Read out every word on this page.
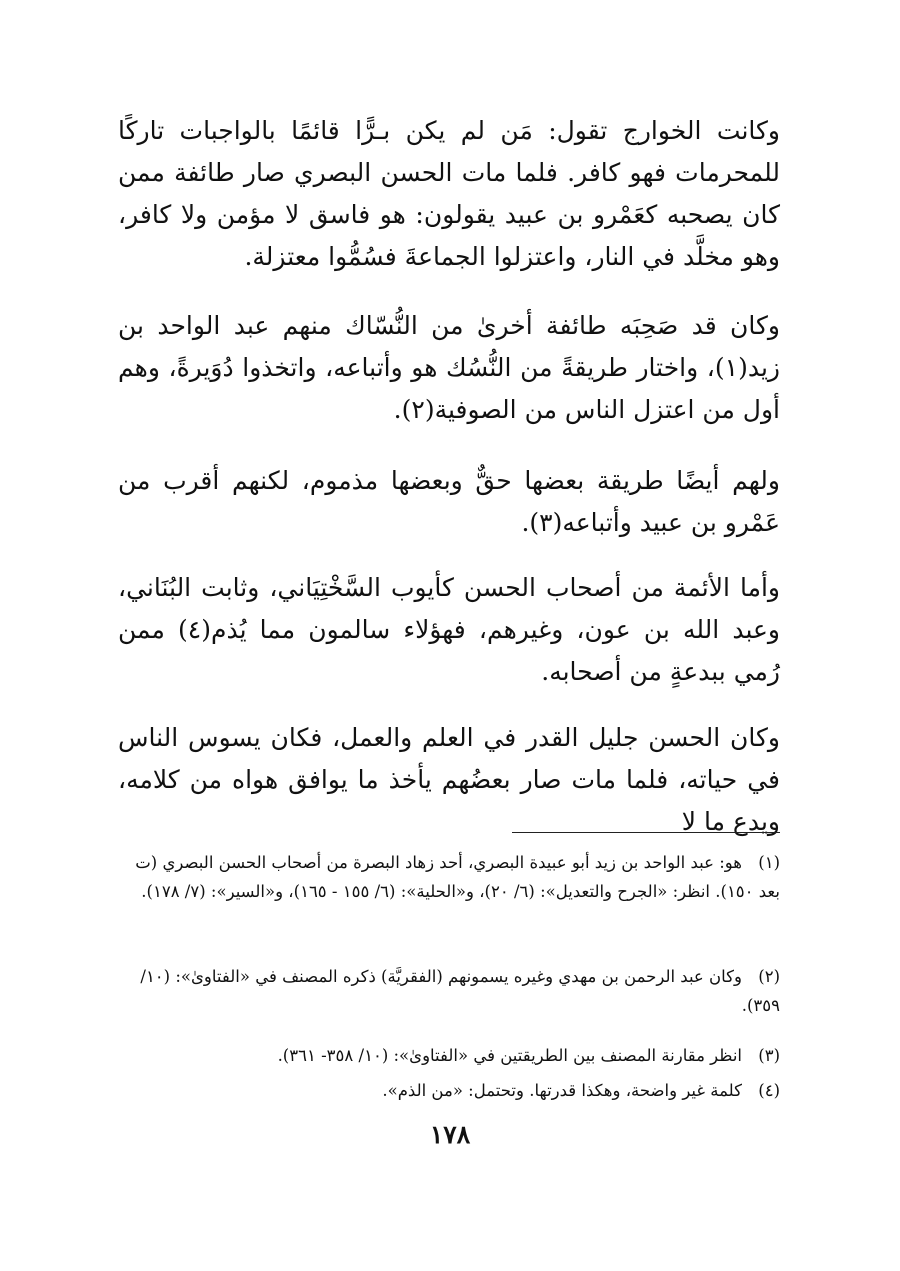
وكانت الخوارج تقول: مَن لم يكن بـرًّا قائمًا بالواجبات تاركًا للمحرمات فهو كافر. فلما مات الحسن البصري صار طائفة ممن كان يصحبه كعَمْرو بن عبيد يقولون: هو فاسق لا مؤمن ولا كافر، وهو مخلَّد في النار، واعتزلوا الجماعةَ فسُمُّوا معتزلة.

وكان قد صَحِبَه طائفة أخرىٰ من النُّسّاك منهم عبد الواحد بن زيد(١)، واختار طريقةً من النُّسُك هو وأتباعه، واتخذوا دُوَيرةً، وهم أول من اعتزل الناس من الصوفية(٢).

ولهم أيضًا طريقة بعضها حقٌّ وبعضها مذموم، لكنهم أقرب من عَمْرو بن عبيد وأتباعه(٣).

وأما الأئمة من أصحاب الحسن كأيوب السَّخْتِيَاني، وثابت البُنَاني، وعبد الله بن عون، وغيرهم، فهؤلاء سالمون مما يُذم(٤) ممن رُمي ببدعةٍ من أصحابه.

وكان الحسن جليل القدر في العلم والعمل، فكان يسوس الناس في حياته، فلما مات صار بعضُهم يأخذ ما يوافق هواه من كلامه، ويدع ما لا

(١)هو: عبد الواحد بن زيد أبو عبيدة البصري، أحد زهاد البصرة من أصحاب الحسن البصري (ت بعد ١٥٠). انظر: «الجرح والتعديل»: (٦/ ٢٠)، و«الحلية»: (٦/ ١٥٥ - ١٦٥)، و«السير»: (٧/ ١٧٨).
(٢)وكان عبد الرحمن بن مهدي وغيره يسمونهم (الفقريَّة) ذكره المصنف في «الفتاوىٰ»: (١٠/ ٣٥٩).
(٣)انظر مقارنة المصنف بين الطريقتين في «الفتاوىٰ»: (١٠/ ٣٥٨- ٣٦١).
(٤)كلمة غير واضحة، وهكذا قدرتها. وتحتمل: «من الذم».
١٧٨
